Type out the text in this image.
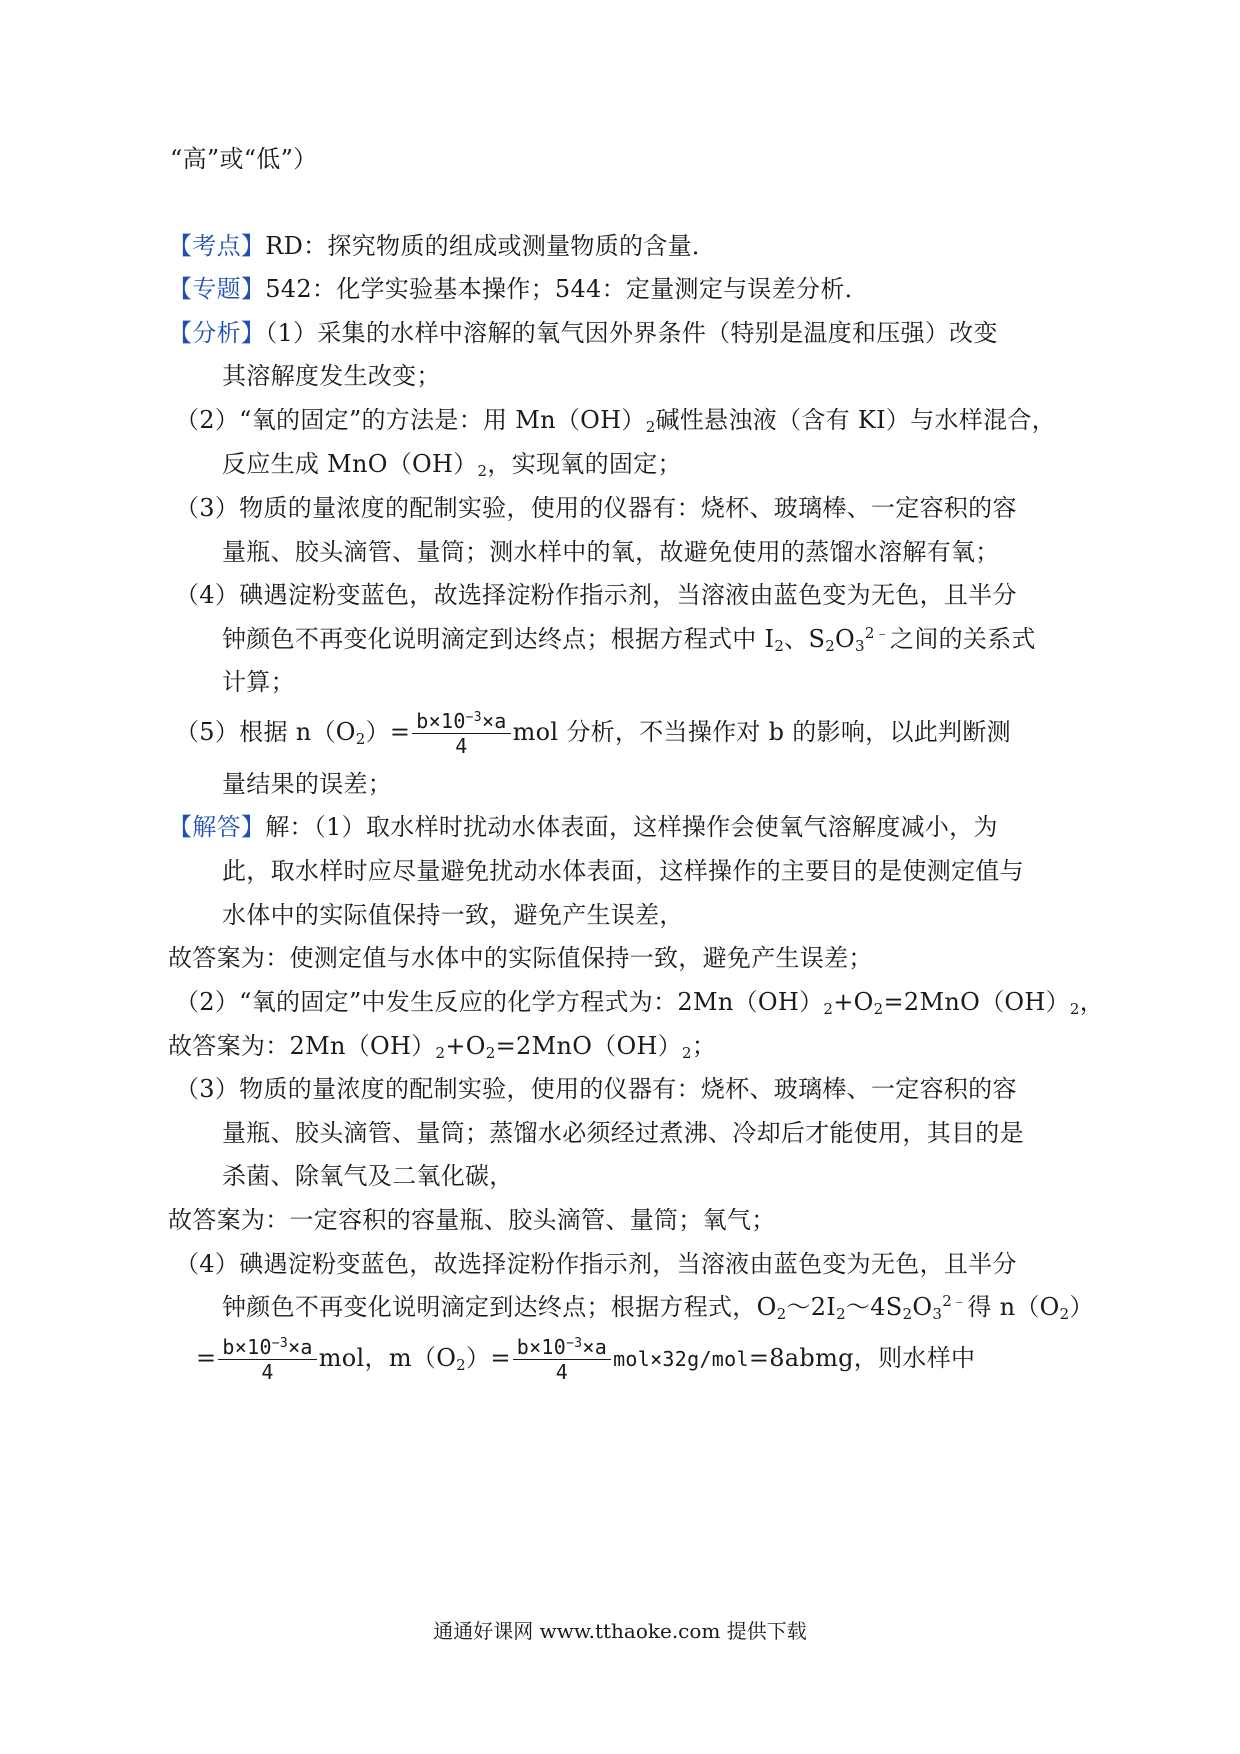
“高”或“低”）
【考点】RD：探究物质的组成或测量物质的含量．
【专题】542：化学实验基本操作；544：定量测定与误差分析．
【分析】（1）采集的水样中溶解的氧气因外界条件（特别是温度和压强）改变
其溶解度发生改变；
（2）“氧的固定”的方法是：用 $Mn(OH)_2$碱性悬浊液（含有 KI）与水样混合，
反应生成 $MnO(OH)_2$，实现氧的固定；
（3）物质的量浓度的配制实验，使用的仪器有：烧杯、玻璃棒、一定容积的容
量瓶、胶头滴管、量筒；测水样中的氧，故避免使用的蒸馏水溶解有氧；
（4）碘遇淀粉变蓝色，故选择淀粉作指示剂，当溶液由蓝色变为无色，且半分
钟颜色不再变化说明滴定到达终点；根据方程式中 $I_2$、$S_2O_3^{2﹣}$之间的关系式
计算；
（5）根据 $n(O_2)= \frac{b\times 10^{-3}\times a}{4}$ mol 分析，不当操作对 b 的影响，以此判断测
量结果的误差；
【解答】解：（1）取水样时扰动水体表面，这样操作会使氧气溶解度减小，为
此，取水样时应尽量避免扰动水体表面，这样操作的主要目的是使测定值与
水体中的实际值保持一致，避免产生误差，
故答案为：使测定值与水体中的实际值保持一致，避免产生误差；
（2）“氧的固定”中发生反应的化学方程式为：$2Mn(OH)_2+O_2=2MnO(OH)_2$，
故答案为：$2Mn(OH)_2+O_2=2MnO(OH)_2$；
（3）物质的量浓度的配制实验，使用的仪器有：烧杯、玻璃棒、一定容积的容
量瓶、胶头滴管、量筒；蒸馏水必须经过煮沸、冷却后才能使用，其目的是
杀菌、除氧气及二氧化碳，
故答案为：一定容积的容量瓶、胶头滴管、量筒；氧气；
（4）碘遇淀粉变蓝色，故选择淀粉作指示剂，当溶液由蓝色变为无色，且半分
钟颜色不再变化说明滴定到达终点；根据方程式，$O_2\sim 2I_2\sim 4S_2O_3^{2﹣}$得 $n(O_2)$
= $\frac{b\times 10^{-3}\times a}{4}$ mol，$m(O_2)= \frac{b\times 10^{-3}\times a}{4}$ mol×32g/mol=8abmg，则水样中
通通好课网 www.tthaoke.com 提供下载
